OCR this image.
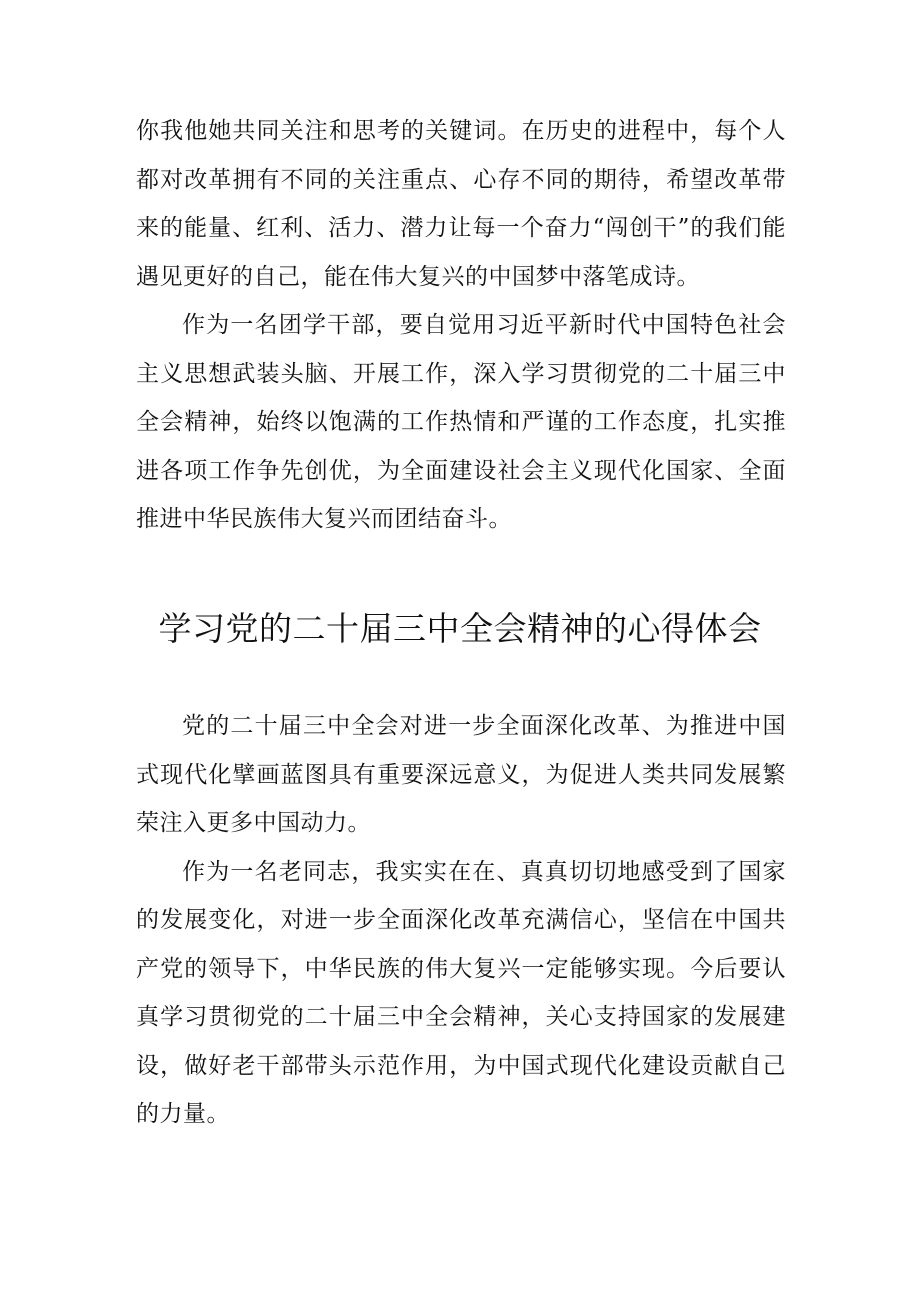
你我他她共同关注和思考的关键词。在历史的进程中，每个人都对改革拥有不同的关注重点、心存不同的期待，希望改革带来的能量、红利、活力、潜力让每一个奋力“闯创干”的我们能遇见更好的自己，能在伟大复兴的中国梦中落笔成诗。

作为一名团学干部，要自觉用习近平新时代中国特色社会主义思想武装头脑、开展工作，深入学习贯彻党的二十届三中全会精神，始终以饱满的工作热情和严谨的工作态度，扎实推进各项工作争先创优，为全面建设社会主义现代化国家、全面推进中华民族伟大复兴而团结奋斗。

学习党的二十届三中全会精神的心得体会

党的二十届三中全会对进一步全面深化改革、为推进中国式现代化擘画蓝图具有重要深远意义，为促进人类共同发展繁荣注入更多中国动力。

作为一名老同志，我实实在在、真真切切地感受到了国家的发展变化，对进一步全面深化改革充满信心，坚信在中国共产党的领导下，中华民族的伟大复兴一定能够实现。今后要认真学习贯彻党的二十届三中全会精神，关心支持国家的发展建设，做好老干部带头示范作用，为中国式现代化建设贡献自己的力量。
